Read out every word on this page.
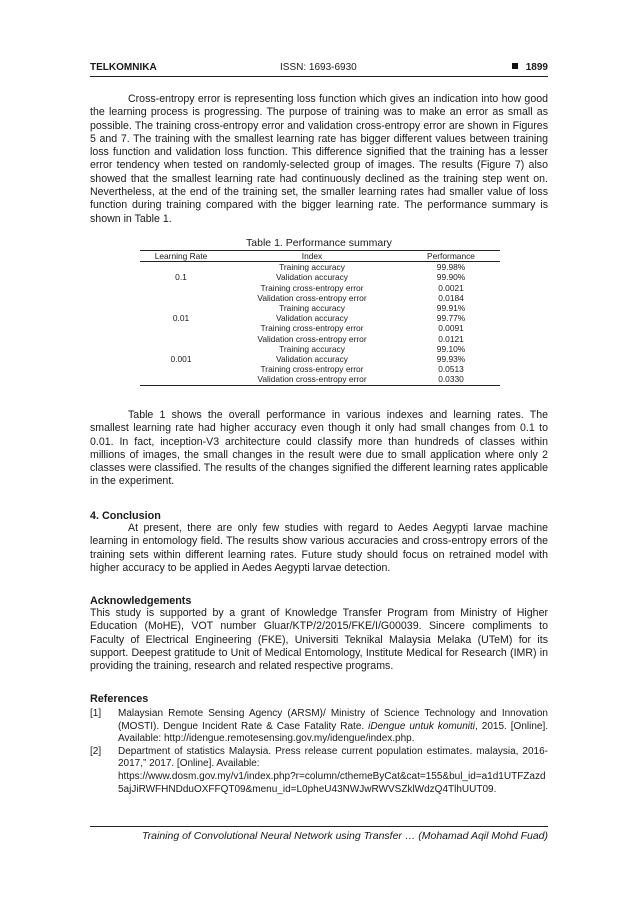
TELKOMNIKA	ISSN: 1693-6930	1899

Cross-entropy error is representing loss function which gives an indication into how good the learning process is progressing. The purpose of training was to make an error as small as possible. The training cross-entropy error and validation cross-entropy error are shown in Figures 5 and 7. The training with the smallest learning rate has bigger different values between training loss function and validation loss function. This difference signified that the training has a lesser error tendency when tested on randomly-selected group of images. The results (Figure 7) also showed that the smallest learning rate had continuously declined as the training step went on. Nevertheless, at the end of the training set, the smaller learning rates had smaller value of loss function during training compared with the bigger learning rate. The performance summary is shown in Table 1.

Table 1. Performance summary
Learning Rate	Index	Performance
	Training accuracy	99.98%
0.1	Validation accuracy	99.90%
	Training cross-entropy error	0.0021
	Validation cross-entropy error	0.0184
	Training accuracy	99.91%
0.01	Validation accuracy	99.77%
	Training cross-entropy error	0.0091
	Validation cross-entropy error	0.0121
	Training accuracy	99.10%
0.001	Validation accuracy	99.93%
	Training cross-entropy error	0.0513
	Validation cross-entropy error	0.0330

Table 1 shows the overall performance in various indexes and learning rates. The smallest learning rate had higher accuracy even though it only had small changes from 0.1 to 0.01. In fact, inception-V3 architecture could classify more than hundreds of classes within millions of images, the small changes in the result were due to small application where only 2 classes were classified. The results of the changes signified the different learning rates applicable in the experiment.

4. Conclusion

At present, there are only few studies with regard to Aedes Aegypti larvae machine learning in entomology field. The results show various accuracies and cross-entropy errors of the training sets within different learning rates. Future study should focus on retrained model with higher accuracy to be applied in Aedes Aegypti larvae detection.

Acknowledgements

This study is supported by a grant of Knowledge Transfer Program from Ministry of Higher Education (MoHE), VOT number Gluar/KTP/2/2015/FKE/I/G00039. Sincere compliments to Faculty of Electrical Engineering (FKE), Universiti Teknikal Malaysia Melaka (UTeM) for its support. Deepest gratitude to Unit of Medical Entomology, Institute Medical for Research (IMR) in providing the training, research and related respective programs.

References

[1] Malaysian Remote Sensing Agency (ARSM)/ Ministry of Science Technology and Innovation (MOSTI). Dengue Incident Rate & Case Fatality Rate. iDengue untuk komuniti, 2015. [Online]. Available: http://idengue.remotesensing.gov.my/idengue/index.php.

[2] Department of statistics Malaysia. Press release current population estimates. malaysia, 2016-2017,” 2017. [Online]. Available:
https://www.dosm.gov.my/v1/index.php?r=column/cthemeByCat&cat=155&bul_id=a1d1UTFZazd5ajJiRWFHNDduOXFFQT09&menu_id=L0pheU43NWJwRWVSZklWdzQ4TlhUUT09.

Training of Convolutional Neural Network using Transfer … (Mohamad Aqil Mohd Fuad)
